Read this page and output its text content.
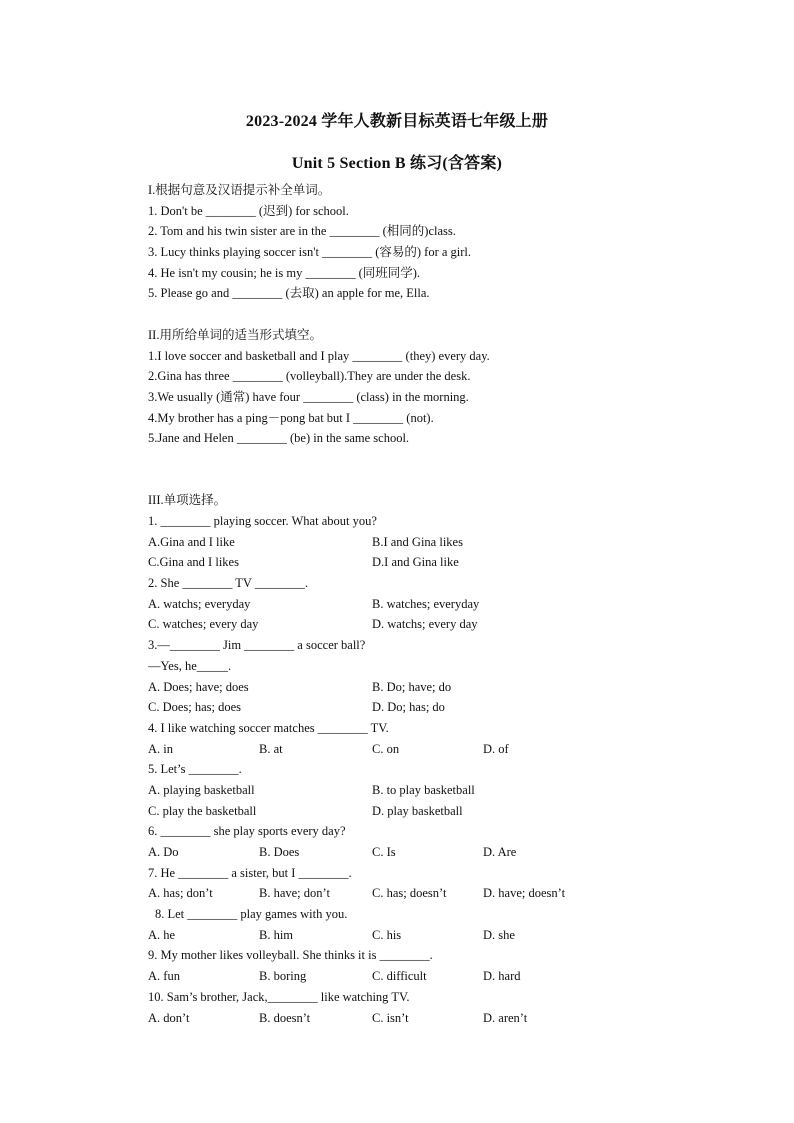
2023-2024 学年人教新目标英语七年级上册
Unit 5 Section B 练习(含答案)
I.根据句意及汉语提示补全单词。
1. Don't be ________ (迟到) for school.
2. Tom and his twin sister are in the ________ (相同的)class.
3. Lucy thinks playing soccer isn't ________ (容易的) for a girl.
4. He isn't my cousin; he is my ________ (同班同学).
5. Please go and ________ (去取) an apple for me, Ella.
II.用所给单词的适当形式填空。
1.I love soccer and basketball and I play ________ (they) every day.
2.Gina has three ________ (volleyball).They are under the desk.
3.We usually (通常) have four ________ (class) in the morning.
4.My brother has a ping－pong bat but I ________ (not).
5.Jane and Helen ________ (be) in the same school.
III.单项选择。
1. ________ playing soccer. What about you?
A.Gina and I like	B.I and Gina likes
C.Gina and I likes	D.I and Gina like
2. She ________ TV ________.
A. watchs; everyday	B. watches; everyday
C. watches; every day	D. watchs; every day
3.—________ Jim ________ a soccer ball?
—Yes, he_____.
A. Does; have; does	B. Do; have; do
C. Does; has; does	D. Do; has; do
4. I like watching soccer matches ________ TV.
A. in	B. at	C. on	D. of
5. Let’s ________.
A. playing basketball	B. to play basketball
C. play the basketball	D. play basketball
6. ________ she play sports every day?
A. Do	B. Does	C. Is	D. Are
7. He ________ a sister, but I ________.
A. has; don’t	B. have; don’t	C. has; doesn’t	D. have; doesn’t
8. Let ________ play games with you.
A. he	B. him	C. his	D. she
9. My mother likes volleyball. She thinks it is ________.
A. fun	B. boring	C. difficult	D. hard
10. Sam’s brother, Jack,________ like watching TV.
A. don’t	B. doesn’t	C. isn’t	D. aren’t
